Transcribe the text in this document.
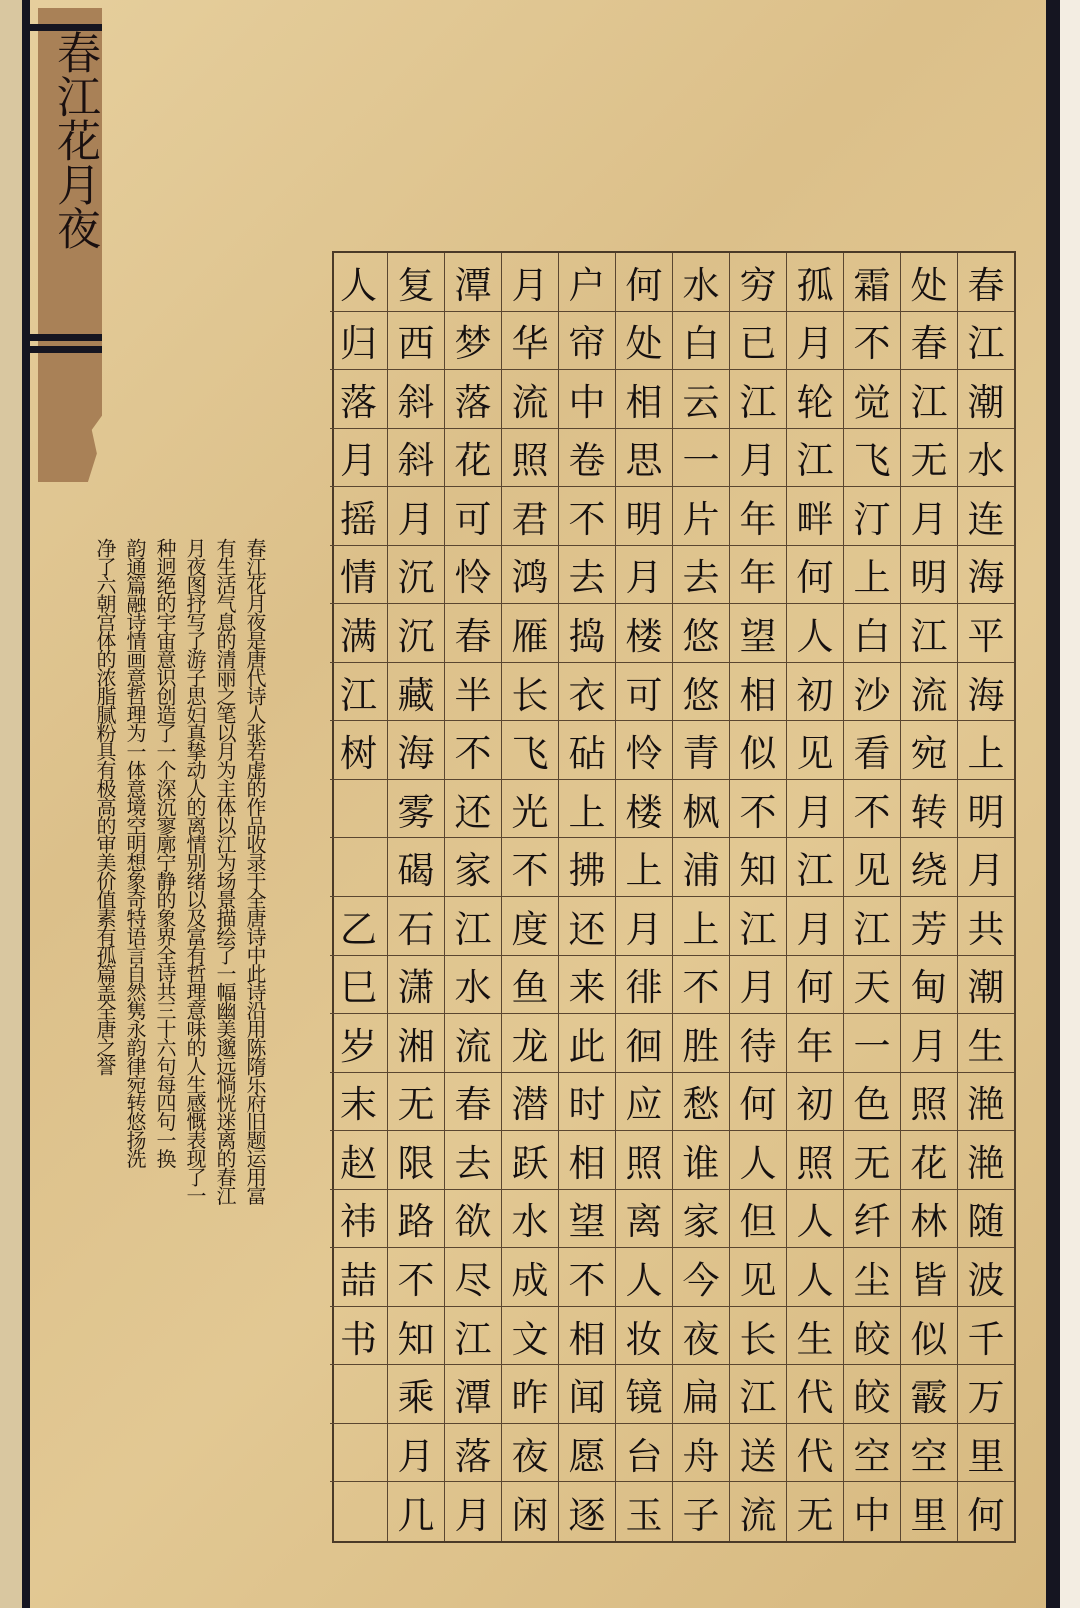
春江花月夜
春江花月夜是唐代诗人张若虚的作品收录于全唐诗中此诗沿用陈隋乐府旧题运用富
有生活气息的清丽之笔以月为主体以江为场景描绘了一幅幽美邈远惝恍迷离的春江
月夜图抒写了游子思妇真挚动人的离情别绪以及富有哲理意味的人生感慨表现了一
种迥绝的宇宙意识创造了一个深沉寥廓宁静的象界全诗共三十六句每四句一换
韵通篇融诗情画意哲理为一体意境空明想象奇特语言自然隽永韵律宛转悠扬洗
净了六朝宫体的浓脂腻粉具有极高的审美价值素有孤篇盖全唐之誉
春
江
潮
水
连
海
平
海
上
明
月
共
潮
生
滟
滟
随
波
千
万
里
何
处
春
江
无
月
明
江
流
宛
转
绕
芳
甸
月
照
花
林
皆
似
霰
空
里
霜
不
觉
飞
汀
上
白
沙
看
不
见
江
天
一
色
无
纤
尘
皎
皎
空
中
孤
月
轮
江
畔
何
人
初
见
月
江
月
何
年
初
照
人
人
生
代
代
无
穷
已
江
月
年
年
望
相
似
不
知
江
月
待
何
人
但
见
长
江
送
流
水
白
云
一
片
去
悠
悠
青
枫
浦
上
不
胜
愁
谁
家
今
夜
扁
舟
子
何
处
相
思
明
月
楼
可
怜
楼
上
月
徘
徊
应
照
离
人
妆
镜
台
玉
户
帘
中
卷
不
去
捣
衣
砧
上
拂
还
来
此
时
相
望
不
相
闻
愿
逐
月
华
流
照
君
鸿
雁
长
飞
光
不
度
鱼
龙
潜
跃
水
成
文
昨
夜
闲
潭
梦
落
花
可
怜
春
半
不
还
家
江
水
流
春
去
欲
尽
江
潭
落
月
复
西
斜
斜
月
沉
沉
藏
海
雾
碣
石
潇
湘
无
限
路
不
知
乘
月
几
人
归
落
月
摇
情
满
江
树
乙
巳
岁
末
赵
祎
喆
书
